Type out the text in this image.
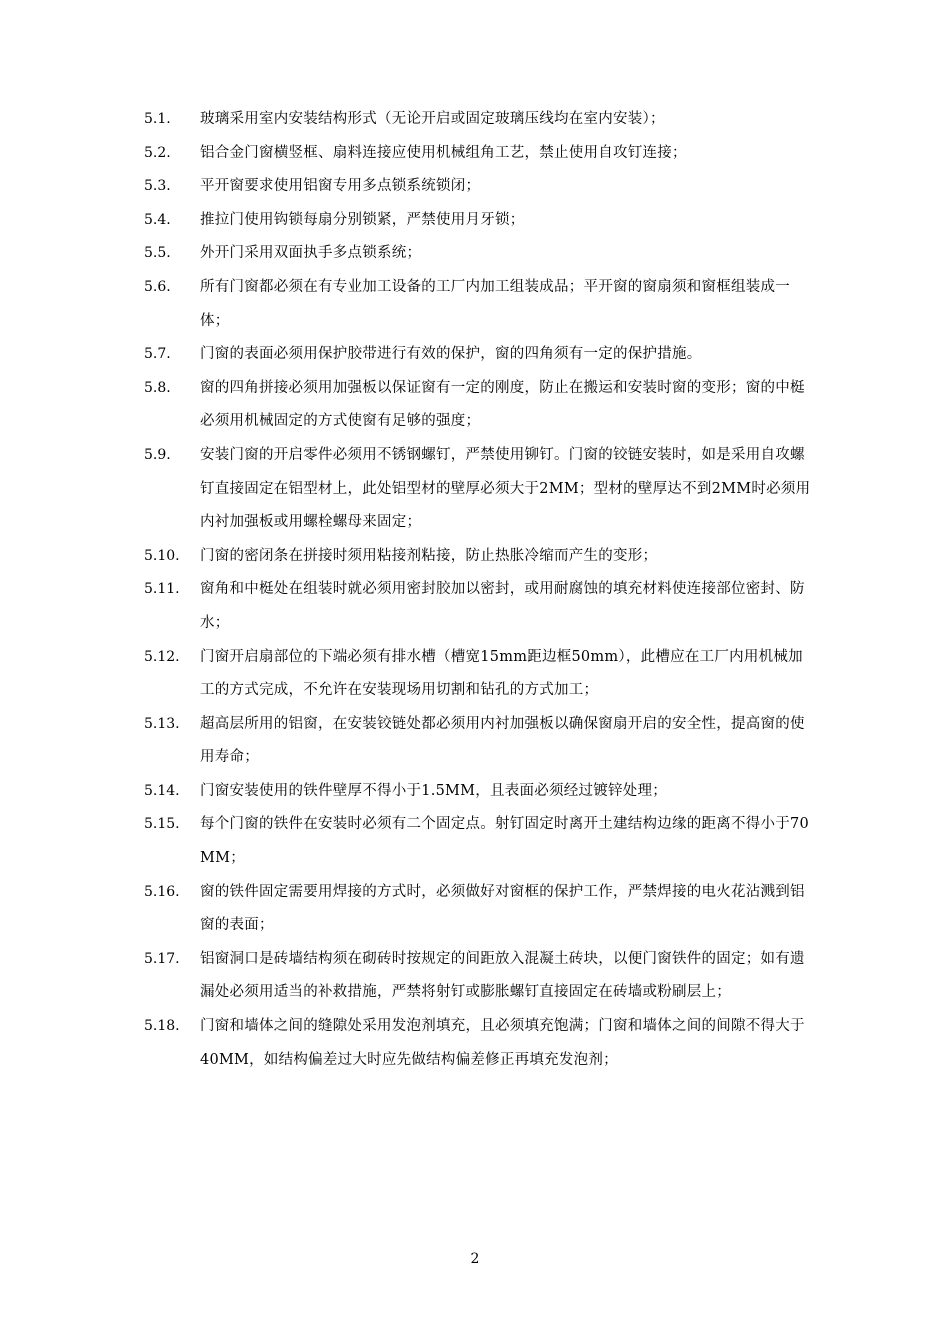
5.1.	玻璃采用室内安装结构形式（无论开启或固定玻璃压线均在室内安装）；
5.2.	铝合金门窗横竖框、扇料连接应使用机械组角工艺，禁止使用自攻钉连接；
5.3.	平开窗要求使用铝窗专用多点锁系统锁闭；
5.4.	推拉门使用钩锁每扇分别锁紧，严禁使用月牙锁；
5.5.	外开门采用双面执手多点锁系统；
5.6.	所有门窗都必须在有专业加工设备的工厂内加工组装成品；平开窗的窗扇须和窗框组装成一体；
5.7.	门窗的表面必须用保护胶带进行有效的保护，窗的四角须有一定的保护措施。
5.8.	窗的四角拼接必须用加强板以保证窗有一定的刚度，防止在搬运和安装时窗的变形；窗的中梃必须用机械固定的方式使窗有足够的强度；
5.9.	安装门窗的开启零件必须用不锈钢螺钉，严禁使用铆钉。门窗的铰链安装时，如是采用自攻螺钉直接固定在铝型材上，此处铝型材的壁厚必须大于2MM；型材的壁厚达不到2MM时必须用内衬加强板或用螺栓螺母来固定；
5.10.	门窗的密闭条在拼接时须用粘接剂粘接，防止热胀冷缩而产生的变形；
5.11.	窗角和中梃处在组装时就必须用密封胶加以密封，或用耐腐蚀的填充材料使连接部位密封、防水；
5.12.	门窗开启扇部位的下端必须有排水槽（槽宽15mm距边框50mm），此槽应在工厂内用机械加工的方式完成，不允许在安装现场用切割和钻孔的方式加工；
5.13.	超高层所用的铝窗，在安装铰链处都必须用内衬加强板以确保窗扇开启的安全性，提高窗的使用寿命；
5.14.	门窗安装使用的铁件壁厚不得小于1.5MM，且表面必须经过镀锌处理；
5.15.	每个门窗的铁件在安装时必须有二个固定点。射钉固定时离开土建结构边缘的距离不得小于70MM；
5.16.	窗的铁件固定需要用焊接的方式时，必须做好对窗框的保护工作，严禁焊接的电火花沾溅到铝窗的表面；
5.17.	铝窗洞口是砖墙结构须在砌砖时按规定的间距放入混凝土砖块，以便门窗铁件的固定；如有遗漏处必须用适当的补救措施，严禁将射钉或膨胀螺钉直接固定在砖墙或粉刷层上；
5.18.	门窗和墙体之间的缝隙处采用发泡剂填充，且必须填充饱满；门窗和墙体之间的间隙不得大于40MM，如结构偏差过大时应先做结构偏差修正再填充发泡剂；
2
